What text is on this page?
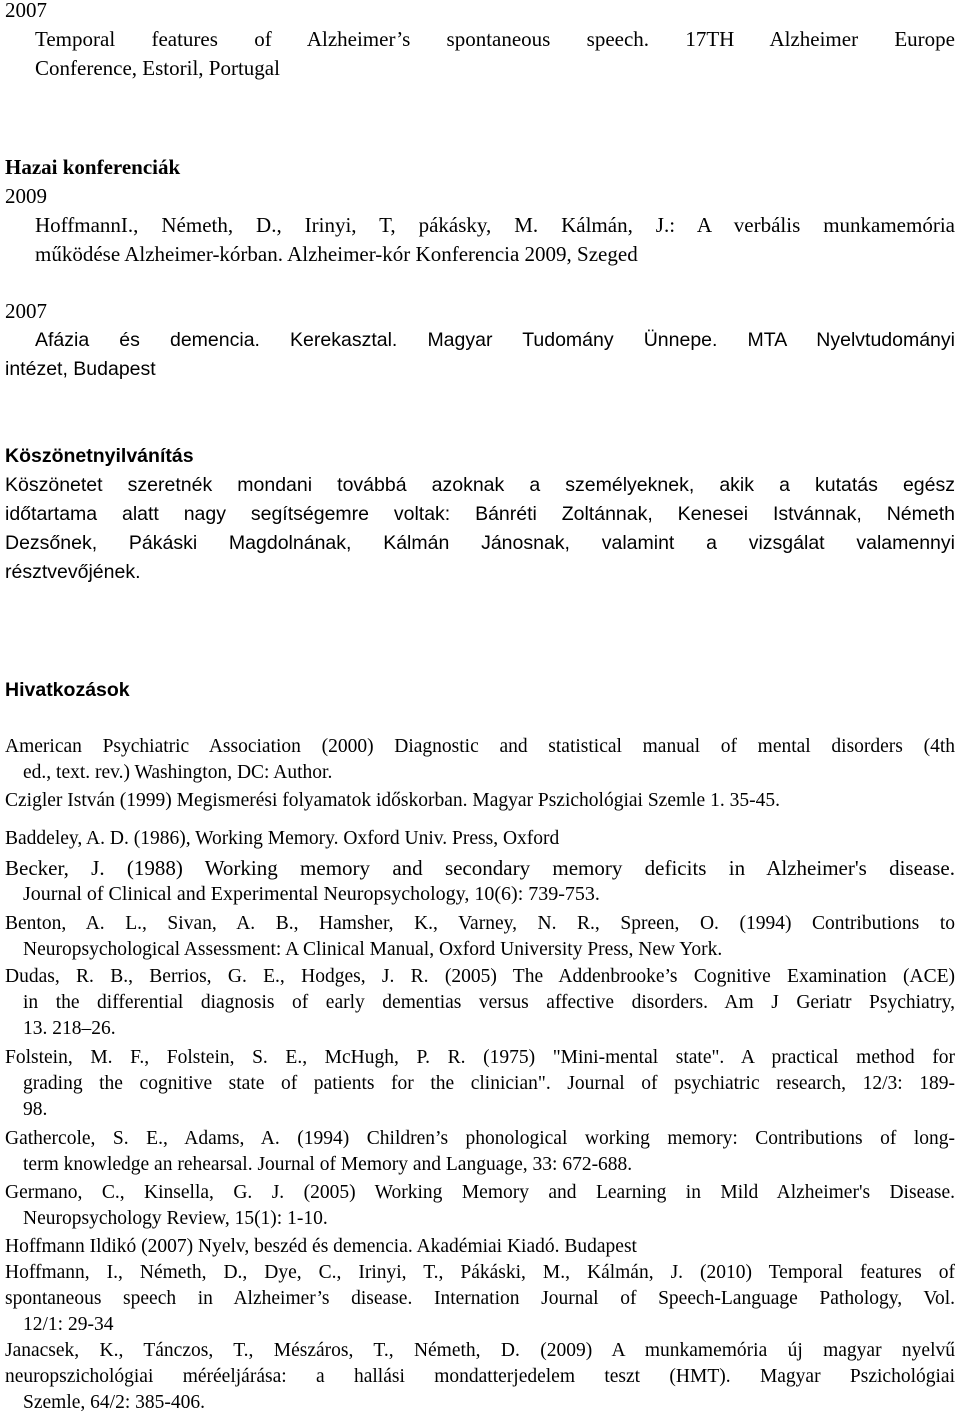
2007
Temporal features of Alzheimer’s spontaneous speech. 17TH Alzheimer Europe
Conference, Estoril, Portugal
Hazai konferenciák
2009
HoffmannI., Németh, D., Irinyi, T, pákásky, M. Kálmán, J.: A verbális munkamemória
működése Alzheimer-kórban. Alzheimer-kór Konferencia 2009, Szeged
2007
Afázia és demencia. Kerekasztal. Magyar Tudomány Ünnepe. MTA Nyelvtudományi
intézet, Budapest
Köszönetnyilvánítás
Köszönetet szeretnék mondani továbbá azoknak a személyeknek, akik a kutatás egész
időtartama alatt nagy segítségemre voltak: Bánréti Zoltánnak, Kenesei Istvánnak, Németh
Dezsőnek, Pákáski Magdolnának, Kálmán Jánosnak, valamint a vizsgálat valamennyi
résztvevőjének.
Hivatkozások
American Psychiatric Association (2000) Diagnostic and statistical manual of mental disorders (4th
ed., text. rev.) Washington, DC: Author.
Czigler István (1999) Megismerési folyamatok időskorban. Magyar Pszichológiai Szemle 1. 35-45.
Baddeley, A. D. (1986), Working Memory. Oxford Univ. Press, Oxford
Becker, J. (1988) Working memory and secondary memory deficits in Alzheimer's disease.
Journal of Clinical and Experimental Neuropsychology, 10(6): 739-753.
Benton, A. L., Sivan, A. B., Hamsher, K., Varney, N. R., Spreen, O. (1994) Contributions to
Neuropsychological Assessment: A Clinical Manual, Oxford University Press, New York.
Dudas, R. B., Berrios, G. E., Hodges, J. R. (2005) The Addenbrooke’s Cognitive Examination (ACE)
in the differential diagnosis of early dementias versus affective disorders. Am J Geriatr Psychiatry,
13. 218–26.
Folstein, M. F., Folstein, S. E., McHugh, P. R. (1975) "Mini-mental state". A practical method for
grading the cognitive state of patients for the clinician". Journal of psychiatric research, 12/3: 189-
98.
Gathercole, S. E., Adams, A. (1994) Children’s phonological working memory: Contributions of long-
term knowledge an rehearsal. Journal of Memory and Language, 33: 672-688.
Germano, C., Kinsella, G. J. (2005) Working Memory and Learning in Mild Alzheimer's Disease.
Neuropsychology Review, 15(1): 1-10.
Hoffmann Ildikó (2007) Nyelv, beszéd és demencia. Akadémiai Kiadó. Budapest
Hoffmann, I., Németh, D., Dye, C., Irinyi, T., Pákáski, M., Kálmán, J. (2010) Temporal features of
spontaneous speech in Alzheimer’s disease. Internation Journal of Speech-Language Pathology, Vol.
12/1: 29-34
Janacsek, K., Tánczos, T., Mészáros, T., Németh, D. (2009) A munkamemória új magyar nyelvű
neuropszichológiai méréeljárása: a hallási mondatterjedelem teszt (HMT). Magyar Pszichológiai
Szemle, 64/2: 385-406.
